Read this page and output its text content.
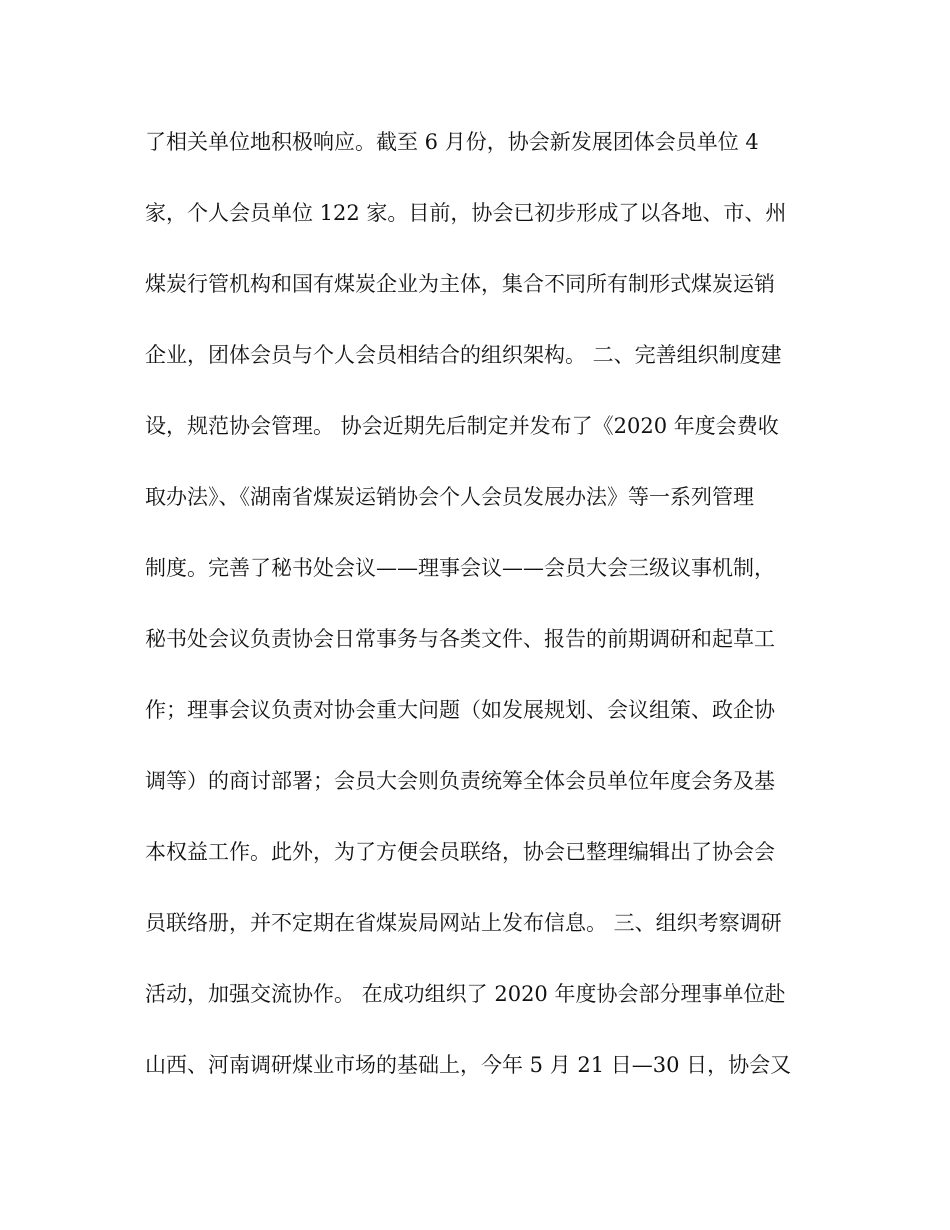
了相关单位地积极响应。截至 6 月份，协会新发展团体会员单位 4
家，个人会员单位 122 家。目前，协会已初步形成了以各地、市、州
煤炭行管机构和国有煤炭企业为主体，集合不同所有制形式煤炭运销
企业，团体会员与个人会员相结合的组织架构。 二、完善组织制度建
设，规范协会管理。 协会近期先后制定并发布了《2020 年度会费收
取办法》、《湖南省煤炭运销协会个人会员发展办法》等一系列管理
制度。完善了秘书处会议——理事会议——会员大会三级议事机制，
秘书处会议负责协会日常事务与各类文件、报告的前期调研和起草工
作；理事会议负责对协会重大问题（如发展规划、会议组策、政企协
调等）的商讨部署；会员大会则负责统筹全体会员单位年度会务及基
本权益工作。此外，为了方便会员联络，协会已整理编辑出了协会会
员联络册，并不定期在省煤炭局网站上发布信息。 三、组织考察调研
活动，加强交流协作。 在成功组织了 2020 年度协会部分理事单位赴
山西、河南调研煤业市场的基础上，今年 5 月 21 日—30 日，协会又
